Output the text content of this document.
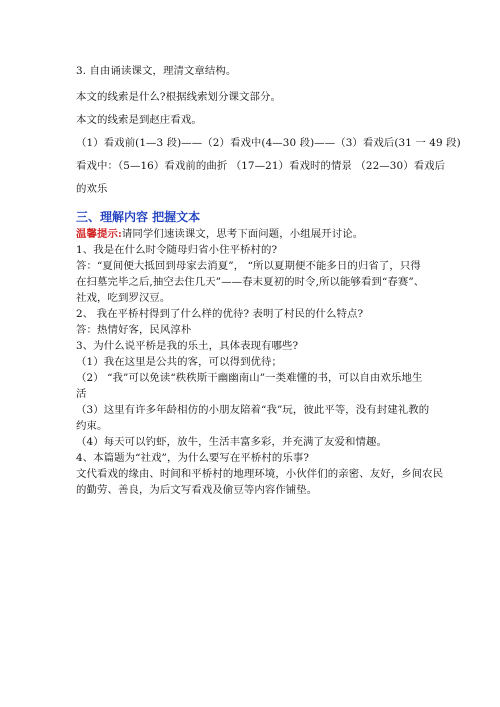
3. 自由诵读课文，理清文章结构。
本文的线索是什么?根据线索划分课文部分。
本文的线索是到赵庄看戏。
（1）看戏前(1—3 段)——（2）看戏中(4—30 段)——（3）看戏后(31 一 49 段)
看戏中：（5—16）看戏前的曲折 （17—21）看戏时的情景 （22—30）看戏后
的欢乐
三、理解内容 把握文本
温馨提示:请同学们速读课文，思考下面问题，小组展开讨论。
1、我是在什么时令随母归省小住平桥村的?
答：“夏间便大抵回到母家去消夏”， “所以夏期便不能多日的归省了，只得
在扫墓完毕之后,抽空去住几天”——春末夏初的时令,所以能够看到“春赛”、
社戏，吃到罗汉豆。
2、 我在平桥村得到了什么样的优待? 表明了村民的什么特点?
答：热情好客，民风淳朴
3、为什么说平桥是我的乐土，具体表现有哪些?
（1）我在这里是公共的客，可以得到优待；
（2） “我”可以免读“秩秩斯干幽幽南山”一类难懂的书，可以自由欢乐地生
活
（3）这里有许多年龄相仿的小朋友陪着“我”玩，彼此平等，没有封建礼教的
约束。
（4）每天可以钓虾，放牛，生活丰富多彩，并充满了友爱和情趣。
4、本篇题为“社戏”，为什么要写在平桥村的乐事?
文代看戏的缘由、时间和平桥村的地理环境，小伙伴们的亲密、友好，乡间农民
的勤劳、善良，为后文写看戏及偷豆等内容作铺垫。
